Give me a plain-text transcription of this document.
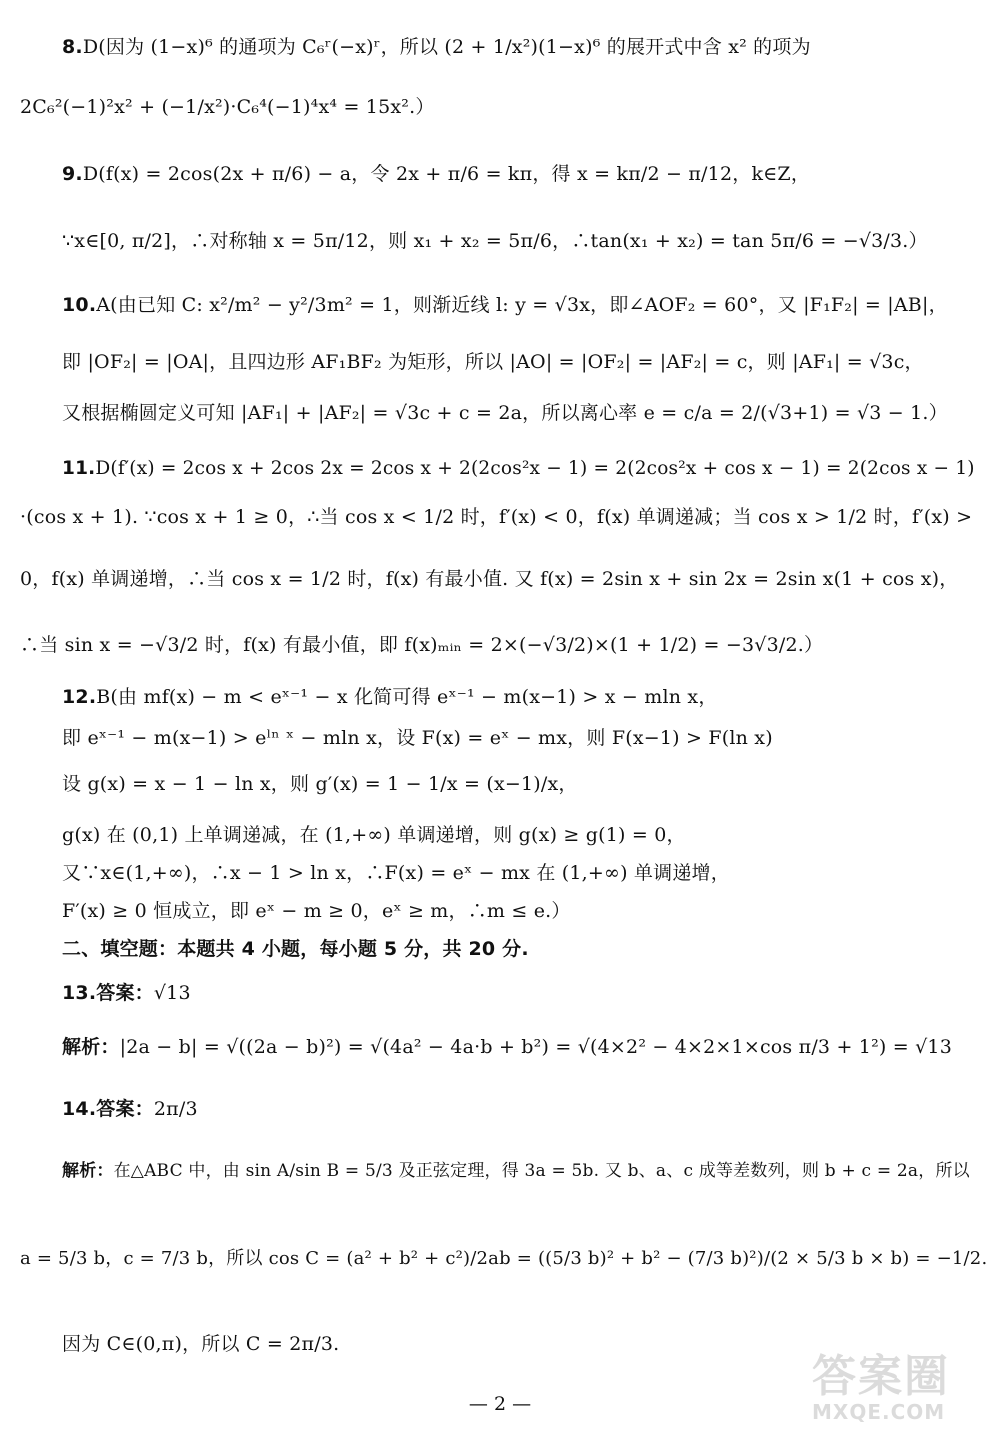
8.D(因为 (1−x)⁶ 的通项为 C₆ʳ(−x)ʳ，所以 (2 + 1/x²)(1−x)⁶ 的展开式中含 x² 的项为
2C₆²(−1)²x² + (−1/x²)·C₆⁴(−1)⁴x⁴ = 15x².）
9.D(f(x) = 2cos(2x + π/6) − a，令 2x + π/6 = kπ，得 x = kπ/2 − π/12，k∈Z，
∵x∈[0, π/2]，∴对称轴 x = 5π/12，则 x₁ + x₂ = 5π/6，∴tan(x₁ + x₂) = tan 5π/6 = −√3/3.）
10.A(由已知 C: x²/m² − y²/3m² = 1，则渐近线 l: y = √3x，即∠AOF₂ = 60°，又 |F₁F₂| = |AB|，
即 |OF₂| = |OA|，且四边形 AF₁BF₂ 为矩形，所以 |AO| = |OF₂| = |AF₂| = c，则 |AF₁| = √3c，
又根据椭圆定义可知 |AF₁| + |AF₂| = √3c + c = 2a，所以离心率 e = c/a = 2/(√3+1) = √3 − 1.）
11.D(f′(x) = 2cos x + 2cos 2x = 2cos x + 2(2cos²x − 1) = 2(2cos²x + cos x − 1) = 2(2cos x − 1)
·(cos x + 1). ∵cos x + 1 ≥ 0，∴当 cos x < 1/2 时，f′(x) < 0，f(x) 单调递减；当 cos x > 1/2 时，f′(x) >
0，f(x) 单调递增，∴当 cos x = 1/2 时，f(x) 有最小值. 又 f(x) = 2sin x + sin 2x = 2sin x(1 + cos x)，
∴当 sin x = −√3/2 时，f(x) 有最小值，即 f(x)ₘᵢₙ = 2×(−√3/2)×(1 + 1/2) = −3√3/2.）
12.B(由 mf(x) − m < eˣ⁻¹ − x 化简可得 eˣ⁻¹ − m(x−1) > x − mln x，
即 eˣ⁻¹ − m(x−1) > eˡⁿ ˣ − mln x，设 F(x) = eˣ − mx，则 F(x−1) > F(ln x)
设 g(x) = x − 1 − ln x，则 g′(x) = 1 − 1/x = (x−1)/x，
g(x) 在 (0,1) 上单调递减，在 (1,+∞) 单调递增，则 g(x) ≥ g(1) = 0，
又∵x∈(1,+∞)，∴x − 1 > ln x，∴F(x) = eˣ − mx 在 (1,+∞) 单调递增，
F′(x) ≥ 0 恒成立，即 eˣ − m ≥ 0，eˣ ≥ m，∴m ≤ e.）
二、填空题：本题共 4 小题，每小题 5 分，共 20 分.
13.答案：√13
解析：|2a − b| = √((2a − b)²) = √(4a² − 4a·b + b²) = √(4×2² − 4×2×1×cos π/3 + 1²) = √13
14.答案：2π/3
解析：在△ABC 中，由 sin A/sin B = 5/3 及正弦定理，得 3a = 5b. 又 b、a、c 成等差数列，则 b + c = 2a，所以
a = 5/3 b，c = 7/3 b，所以 cos C = (a² + b² + c²)/2ab = ((5/3 b)² + b² − (7/3 b)²)/(2 × 5/3 b × b) = −1/2.
因为 C∈(0,π)，所以 C = 2π/3.
— 2 —
答案圈
MXQE.COM
